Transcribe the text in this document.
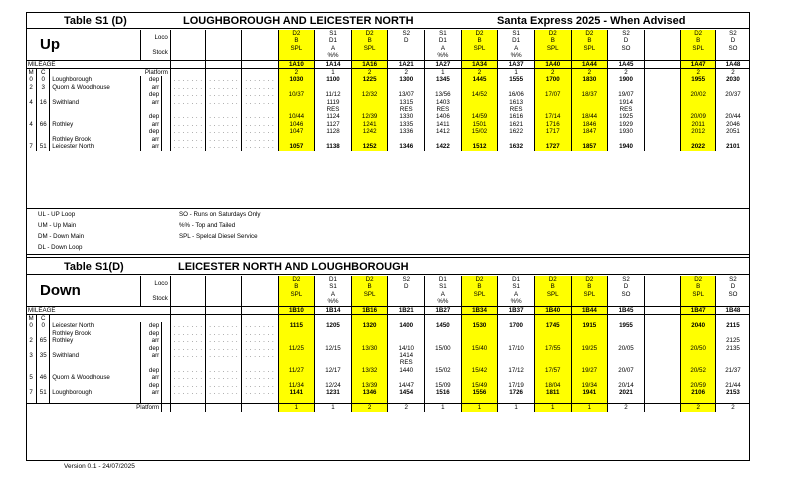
Table S1 (D)	LOUGHBOROUGH AND LEICESTER NORTH	Santa Express 2025 - When Advised
Up			Loco					D2	S1	D2	S2	S1	D2	S1	D2	D2	S2		D2	S2
								B	D1	B	D	D1	B	D1	B	B	D		B	D
			Stock					SPL	A	SPL		A	SPL	A	SPL	SPL	SO		SPL	SO
									%%			%%		%%						
MILEAGE								1A10	1A14	1A16	1A21	1A27	1A34	1A37	1A40	1A44	1A45		1A47	1A48
M	C	Platform						2	1	2	2	1	2	1	2	2	2		2	2
0	0	Loughborough	dep		. . . . . . .	. . . . . . .	. . . . . . .	1030	1100	1225	1300	1345	1445	1555	1700	1830	1900		1955	2030
2	3	Quorn & Woodhouse	arr		. . . . . . .	. . . . . . .	. . . . . . .													
			dep		. . . . . . .	. . . . . . .	. . . . . . .	10/37	11/12	12/32	13/07	13/56	14/52	16/06	17/07	18/37	19/07		20/02	20/37
4	16	Swithland	arr		. . . . . . .	. . . . . . .	. . . . . . .		1119		1315	1403		1613			1914			
									RES		RES	RES		RES			RES			
			dep		. . . . . . .	. . . . . . .	. . . . . . .	10/44	1124	12/39	1330	1406	14/59	1616	17/14	18/44	1925		20/09	20/44
4	66	Rothley	arr		. . . . . . .	. . . . . . .	. . . . . . .	1046	1127	1241	1335	1411	1501	1621	1716	1846	1929		2011	2046
			dep		. . . . . . .	. . . . . . .	. . . . . . .	1047	1128	1242	1336	1412	15/02	1622	1717	1847	1930		2012	2051
		Rothley Brook	arr		. . . . . . .	. . . . . . .	. . . . . . .													
7	51	Leicester North	arr		. . . . . . .	. . . . . . .	. . . . . . .	1057	1138	1252	1346	1422	1512	1632	1727	1857	1940		2022	2101
UL - UP Loop
UM - Up Main
DM - Down Main
DL - Down Loop
SO - Runs on Saturdays Only
%% - Top and Tailed
SPL - Spelcal Diesel Service
Table S1(D)	LEICESTER NORTH AND LOUGHBOROUGH
Down			Loco					D2	D1	D2	S2	D1	D2	D1	D2	D2	S2		D2	S2
								B	S1	B	D	S1	B	S1	B	B	D		B	D
			Stock					SPL	A	SPL		A	SPL	A	SPL	SPL	SO		SPL	SO
									%%			%%		%%						
MILEAGE								1B10	1B14	1B16	1B21	1B27	1B34	1B37	1B40	1B44	1B45		1B47	1B48
M	C																			
0	0	Leicester North	dep		. . . . . . .	. . . . . . .	. . . . . . .	1115	1205	1320	1400	1450	1530	1700	1745	1915	1955		2040	2115
		Rothley Brook	dep		. . . . . . .	. . . . . . .	. . . . . . .													
2	65	Rothley	arr		. . . . . . .	. . . . . . .	. . . . . . .													2125
			dep		. . . . . . .	. . . . . . .	. . . . . . .	11/25	12/15	13/30	14/10	15/00	15/40	17/10	17/55	19/25	20/05		20/50	2135
3	35	Swithland	arr		. . . . . . .	. . . . . . .	. . . . . . .				1414									
											RES									
			dep		. . . . . . .	. . . . . . .	. . . . . . .	11/27	12/17	13/32	1440	15/02	15/42	17/12	17/57	19/27	20/07		20/52	21/37
5	46	Quorn & Woodhouse	arr		. . . . . . .	. . . . . . .	. . . . . . .													
			dep		. . . . . . .	. . . . . . .	. . . . . . .	11/34	12/24	13/39	14/47	15/09	15/49	17/19	18/04	19/34	20/14		20/59	21/44
7	51	Loughborough	arr		. . . . . . .	. . . . . . .	. . . . . . .	1141	1231	1346	1454	1516	1556	1726	1811	1941	2021		2106	2153

Platform								1	1	2	2	1	1	1	1	1	2		2	2
Version 0.1 - 24/07/2025
